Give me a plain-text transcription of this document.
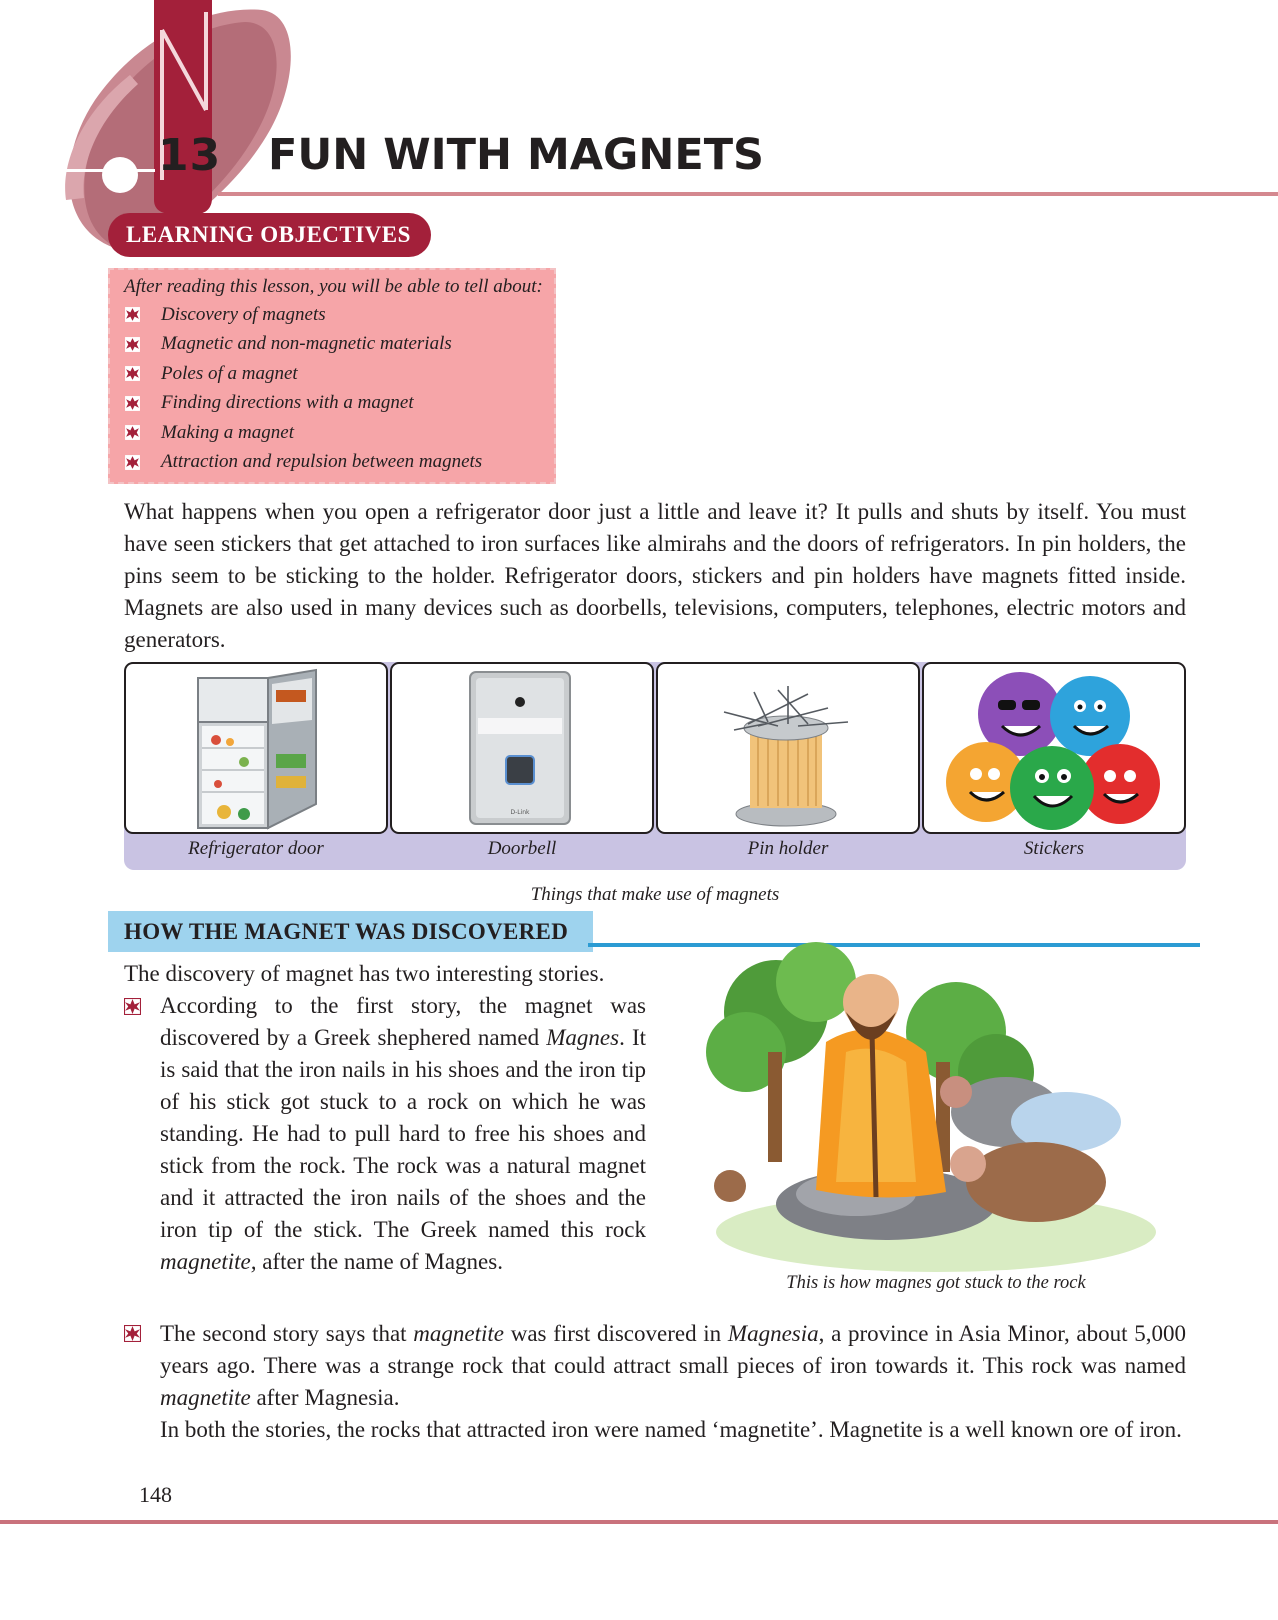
13 FUN WITH MAGNETS
LEARNING OBJECTIVES
After reading this lesson, you will be able to tell about:
Discovery of magnets
Magnetic and non-magnetic materials
Poles of a magnet
Finding directions with a magnet
Making a magnet
Attraction and repulsion between magnets
What happens when you open a refrigerator door just a little and leave it? It pulls and shuts by itself. You must have seen stickers that get attached to iron surfaces like almirahs and the doors of refrigerators. In pin holders, the pins seem to be sticking to the holder. Refrigerator doors, stickers and pin holders have magnets fitted inside. Magnets are also used in many devices such as doorbells, televisions, computers, telephones, electric motors and generators.
D-Link
Refrigerator door	Doorbell	Pin holder	Stickers
Things that make use of magnets
HOW THE MAGNET WAS DISCOVERED
The discovery of magnet has two interesting stories.
According to the first story, the magnet was discovered by a Greek shephered named Magnes. It is said that the iron nails in his shoes and the iron tip of his stick got stuck to a rock on which he was standing. He had to pull hard to free his shoes and stick from the rock. The rock was a natural magnet and it attracted the iron nails of the shoes and the iron tip of the stick. The Greek named this rock magnetite, after the name of Magnes.
This is how magnes got stuck to the rock
The second story says that magnetite was first discovered in Magnesia, a province in Asia Minor, about 5,000 years ago. There was a strange rock that could attract small pieces of iron towards it. This rock was named magnetite after Magnesia.
In both the stories, the rocks that attracted iron were named ‘magnetite’. Magnetite is a well known ore of iron.
148
